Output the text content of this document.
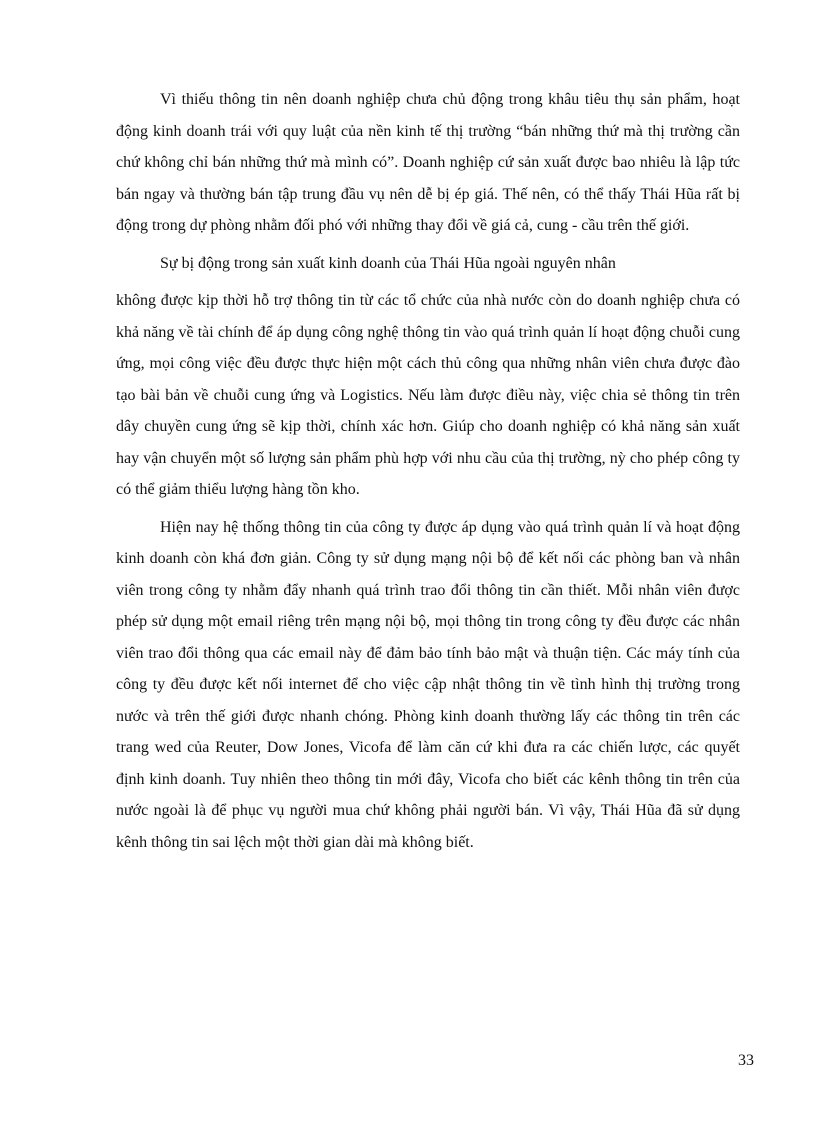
Vì thiếu thông tin nên doanh nghiệp chưa chủ động trong khâu tiêu thụ sản phẩm, hoạt động kinh doanh trái với quy luật của nền kinh tế thị trường “bán những thứ mà thị trường cần chứ không chỉ bán những thứ mà mình có”. Doanh nghiệp cứ sản xuất được bao nhiêu là lập tức bán ngay và thường bán tập trung đầu vụ nên dễ bị ép giá. Thế nên, có thể thấy Thái Hũa rất bị động trong dự phòng nhằm đối phó với những thay đổi về giá cả, cung - cầu trên thế giới.

Sự bị động trong sản xuất kinh doanh của Thái Hũa ngoài nguyên nhân

không được kịp thời hỗ trợ thông tin từ các tổ chức của nhà nước còn do doanh nghiệp chưa có khả năng về tài chính để áp dụng công nghệ thông tin vào quá trình quản lí hoạt động chuỗi cung ứng, mọi công việc đều được thực hiện một cách thủ công qua những nhân viên chưa được đào tạo bài bản về chuỗi cung ứng và Logistics. Nếu làm được điều này, việc chia sẻ thông tin trên dây chuyền cung ứng sẽ kịp thời, chính xác hơn. Giúp cho doanh nghiệp có khả năng sản xuất hay vận chuyển một số lượng sản phẩm phù hợp với nhu cầu của thị trường, nỳ cho phép công ty có thể giảm thiểu lượng hàng tồn kho.

Hiện nay hệ thống thông tin của công ty được áp dụng vào quá trình quản lí và hoạt động kinh doanh còn khá đơn giản. Công ty sử dụng mạng nội bộ để kết nối các phòng ban và nhân viên trong công ty nhằm đẩy nhanh quá trình trao đổi thông tin cần thiết. Mỗi nhân viên được phép sử dụng một email riêng trên mạng nội bộ, mọi thông tin trong công ty đều được các nhân viên trao đổi thông qua các email này để đảm bảo tính bảo mật và thuận tiện. Các máy tính của công ty đều được kết nối internet để cho việc cập nhật thông tin về tình hình thị trường trong nước và trên thế giới được nhanh chóng. Phòng kinh doanh thường lấy các thông tin trên các trang wed của Reuter, Dow Jones, Vicofa để làm căn cứ khi đưa ra các chiến lược, các quyết định kinh doanh. Tuy nhiên theo thông tin mới đây, Vicofa cho biết các kênh thông tin trên của nước ngoài là để phục vụ người mua chứ không phải người bán. Vì vậy, Thái Hũa đã sử dụng kênh thông tin sai lệch một thời gian dài mà không biết.

33
